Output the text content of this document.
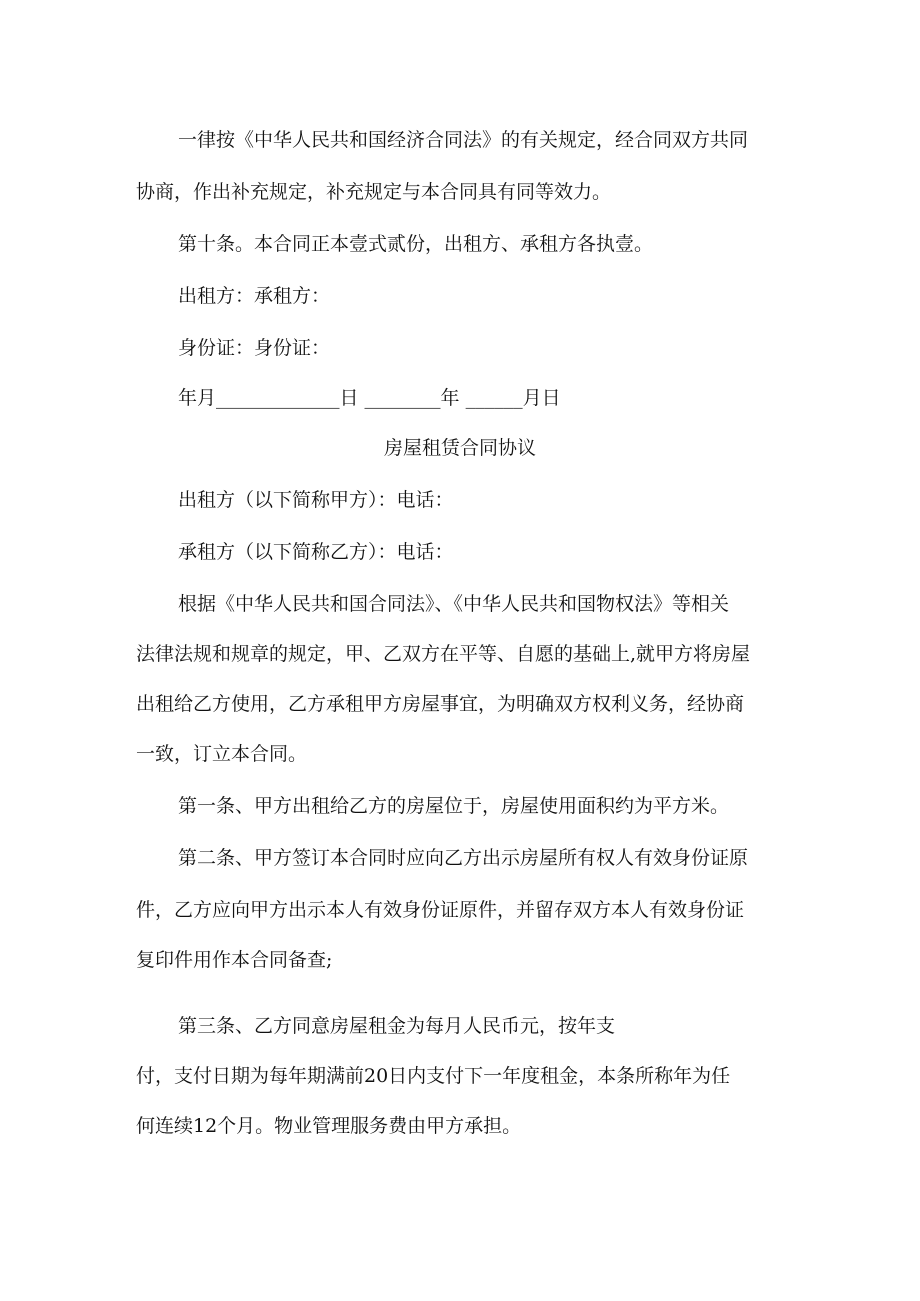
一律按《中华人民共和国经济合同法》的有关规定，经合同双方共同
协商，作出补充规定，补充规定与本合同具有同等效力。
第十条。本合同正本壹式贰份，出租方、承租方各执壹。
出租方：承租方：
身份证：身份证：
年月_____________日 ________年 ______月日
房屋租赁合同协议
出租方（以下简称甲方）：电话：
承租方（以下简称乙方）：电话：
根据《中华人民共和国合同法》、《中华人民共和国物权法》等相关
法律法规和规章的规定，甲、乙双方在平等、自愿的基础上,就甲方将房屋
出租给乙方使用，乙方承租甲方房屋事宜，为明确双方权利义务，经协商
一致，订立本合同。
第一条、甲方出租给乙方的房屋位于，房屋使用面积约为平方米。
第二条、甲方签订本合同时应向乙方出示房屋所有权人有效身份证原
件，乙方应向甲方出示本人有效身份证原件，并留存双方本人有效身份证
复印件用作本合同备查;
第三条、乙方同意房屋租金为每月人民币元，按年支
付，支付日期为每年期满前20日内支付下一年度租金，本条所称年为任
何连续12个月。物业管理服务费由甲方承担。
